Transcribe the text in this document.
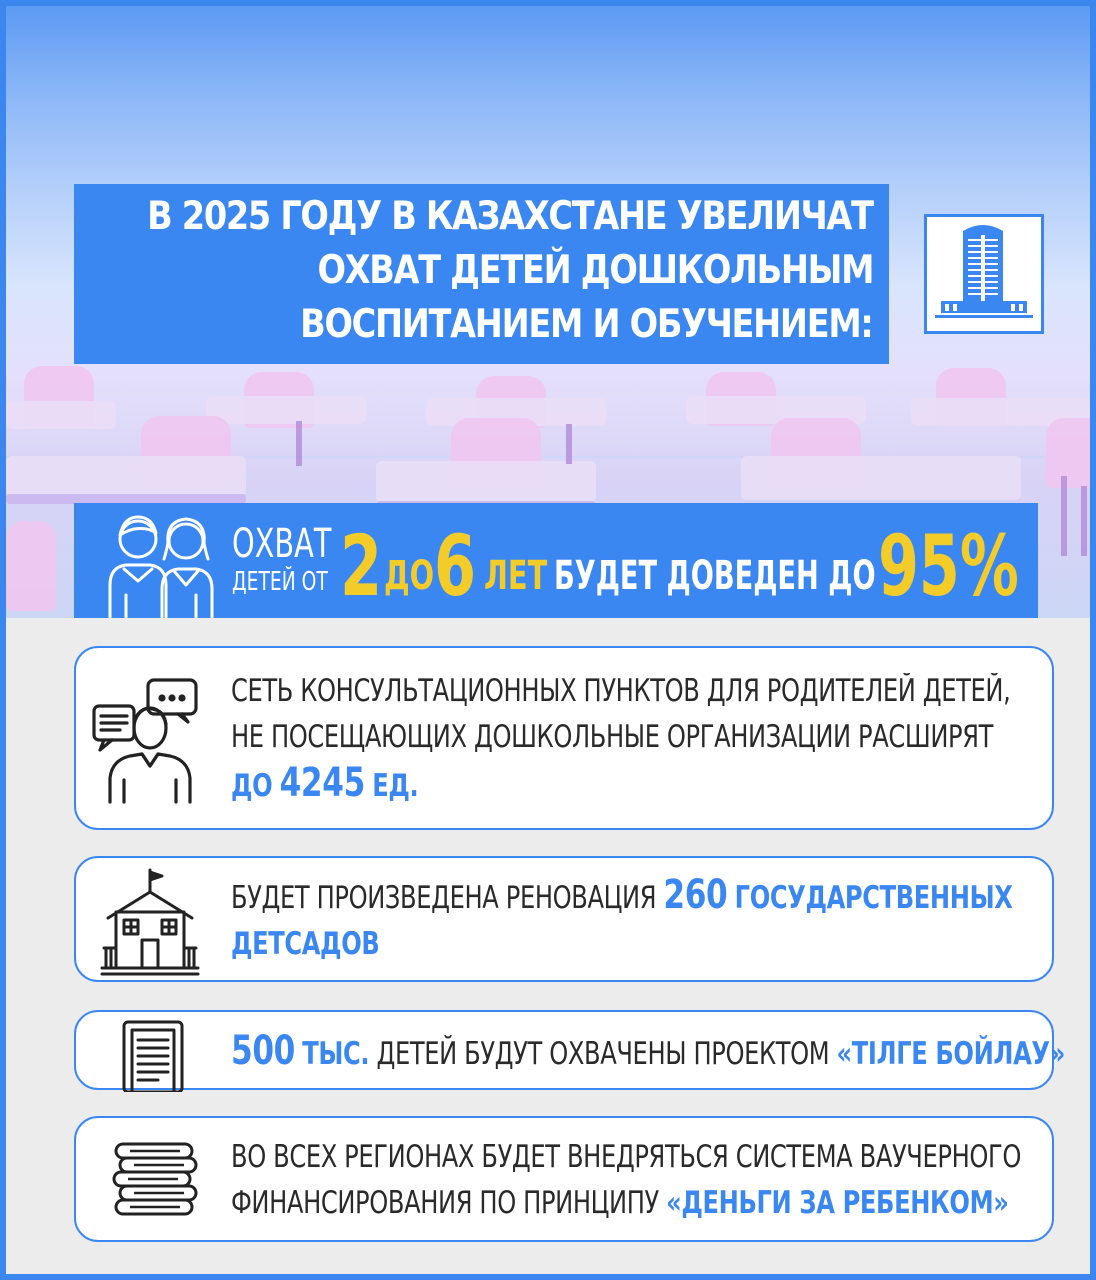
В 2025 ГОДУ В КАЗАХСТАНЕ УВЕЛИЧАТ
ОХВАТ ДЕТЕЙ ДОШКОЛЬНЫМ
ВОСПИТАНИЕМ И ОБУЧЕНИЕМ:
ОХВАТ
ДЕТЕЙ ОТ 2 ДО 6 ЛЕТ БУДЕТ ДОВЕДЕН ДО 95%
СЕТЬ КОНСУЛЬТАЦИОННЫХ ПУНКТОВ ДЛЯ РОДИТЕЛЕЙ ДЕТЕЙ,
НЕ ПОСЕЩАЮЩИХ ДОШКОЛЬНЫЕ ОРГАНИЗАЦИИ РАСШИРЯТ
ДО 4245 ЕД.
БУДЕТ ПРОИЗВЕДЕНА РЕНОВАЦИЯ 260 ГОСУДАРСТВЕННЫХ
ДЕТСАДОВ
500 ТЫС. ДЕТЕЙ БУДУТ ОХВАЧЕНЫ ПРОЕКТОМ «ТІЛГЕ БОЙЛАУ»
ВО ВСЕХ РЕГИОНАХ БУДЕТ ВНЕДРЯТЬСЯ СИСТЕМА ВАУЧЕРНОГО
ФИНАНСИРОВАНИЯ ПО ПРИНЦИПУ «ДЕНЬГИ ЗА РЕБЕНКОМ»
